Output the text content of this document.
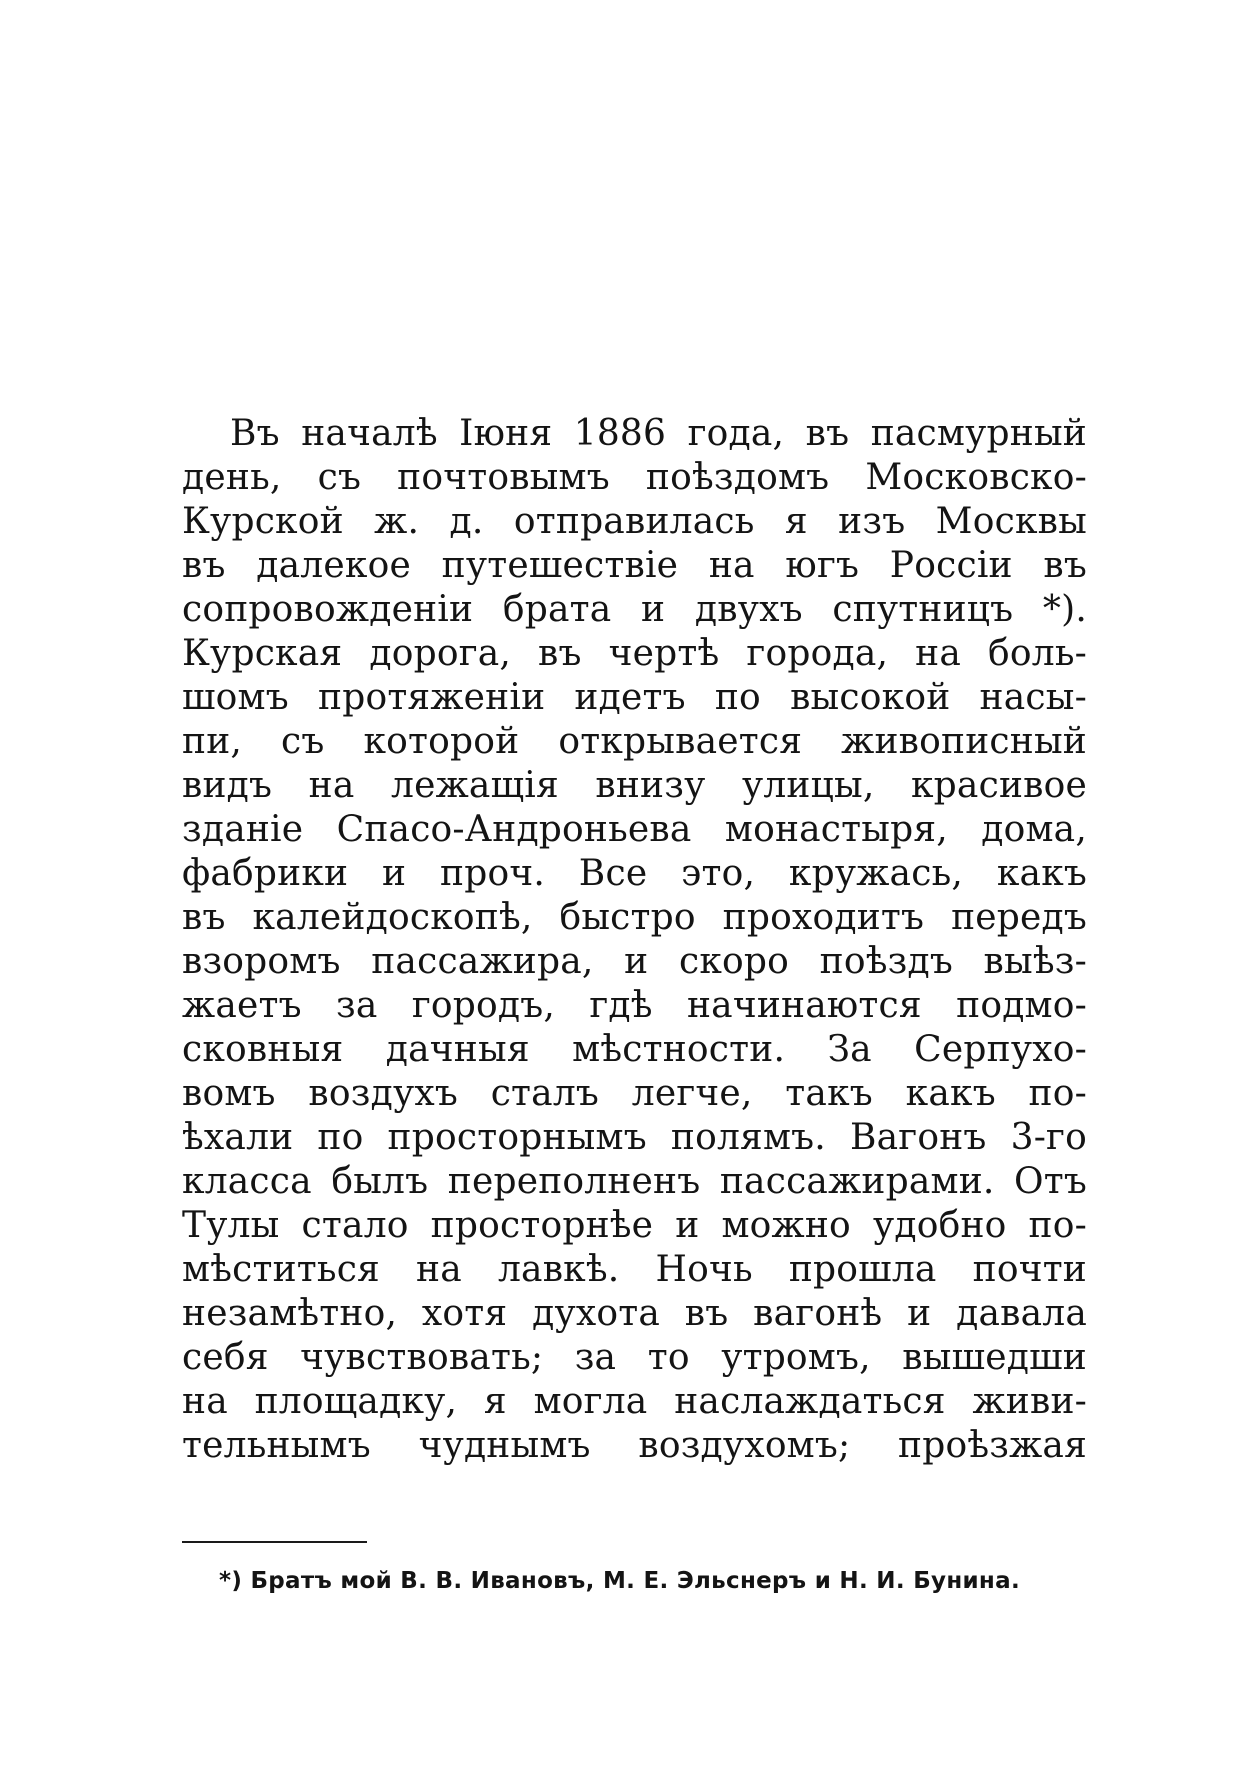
Въ началѣ Іюня 1886 года, въ пасмурный
день, съ почтовымъ поѣздомъ Московско-
Курской ж. д. отправилась я изъ Москвы
въ далекое путешествіе на югъ Россіи въ
сопровожденіи брата и двухъ спутницъ *).
Курская дорога, въ чертѣ города, на боль-
шомъ протяженіи идетъ по высокой насы-
пи, съ которой открывается живописный
видъ на лежащія внизу улицы, красивое
зданіе Спасо-Андроньева монастыря, дома,
фабрики и проч. Все это, кружась, какъ
въ калейдоскопѣ, быстро проходитъ передъ
взоромъ пассажира, и скоро поѣздъ выѣз-
жаетъ за городъ, гдѣ начинаются подмо-
сковныя дачныя мѣстности. За Серпухо-
вомъ воздухъ сталъ легче, такъ какъ по-
ѣхали по просторнымъ полямъ. Вагонъ 3-го
класса былъ переполненъ пассажирами. Отъ
Тулы стало просторнѣе и можно удобно по-
мѣститься на лавкѣ. Ночь прошла почти
незамѣтно, хотя духота въ вагонѣ и давала
себя чувствовать; за то утромъ, вышедши
на площадку, я могла наслаждаться живи-
тельнымъ чуднымъ воздухомъ; проѣзжая
*) Братъ мой В. В. Ивановъ, М. Е. Эльснеръ и Н. И. Бунина.
